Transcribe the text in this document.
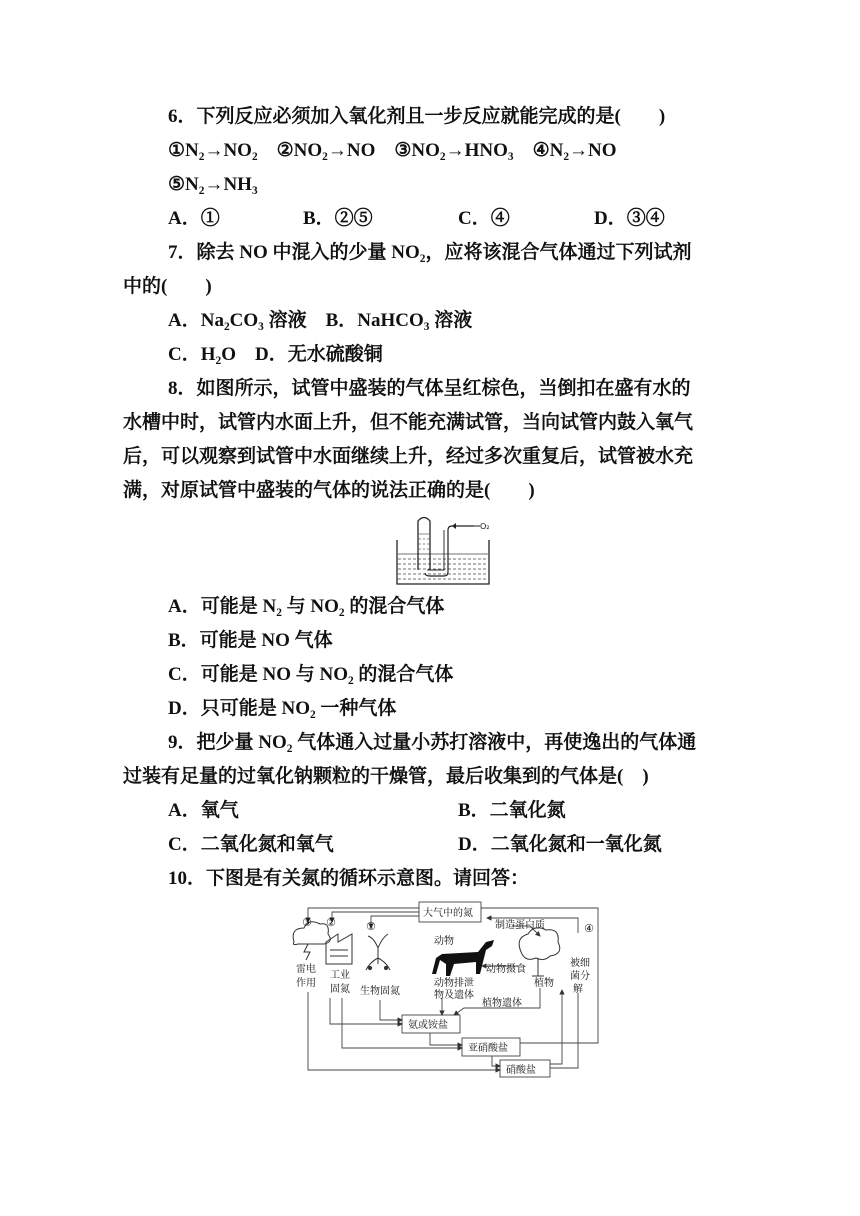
6．下列反应必须加入氧化剂且一步反应就能完成的是(　　)
①N₂→NO₂　②NO₂→NO　③NO₂→HNO₃　④N₂→NO
⑤N₂→NH₃
A．①	B．②⑤	C．④	D．③④
7．除去 NO 中混入的少量 NO₂，应将该混合气体通过下列试剂
中的(　　)
A．Na₂CO₃ 溶液　B．NaHCO₃ 溶液
C．H₂O　D．无水硫酸铜
8．如图所示，试管中盛装的气体呈红棕色，当倒扣在盛有水的
水槽中时，试管内水面上升，但不能充满试管，当向试管内鼓入氧气
后，可以观察到试管中水面继续上升，经过多次重复后，试管被水充
满，对原试管中盛装的气体的说法正确的是(　　)
O₂
A．可能是 N₂ 与 NO₂ 的混合气体
B．可能是 NO 气体
C．可能是 NO 与 NO₂ 的混合气体
D．只可能是 NO₂ 一种气体
9．把少量 NO₂ 气体通入过量小苏打溶液中，再使逸出的气体通
过装有足量的过氧化钠颗粒的干燥管，最后收集到的气体是(　)
A．氧气	B．二氧化氮
C．二氧化氮和氧气	D．二氧化氮和一氧化氮
10．下图是有关氮的循环示意图。请回答：
大气中的氮
制造蛋白质
动物
动物摄食
动物排泄
物及遗体
植物
植物遗体
雷电
作用
工业
固氮 生物固氮
被细
菌分
解
氨或铵盐
亚硝酸盐
硝酸盐
①
②
③	④
